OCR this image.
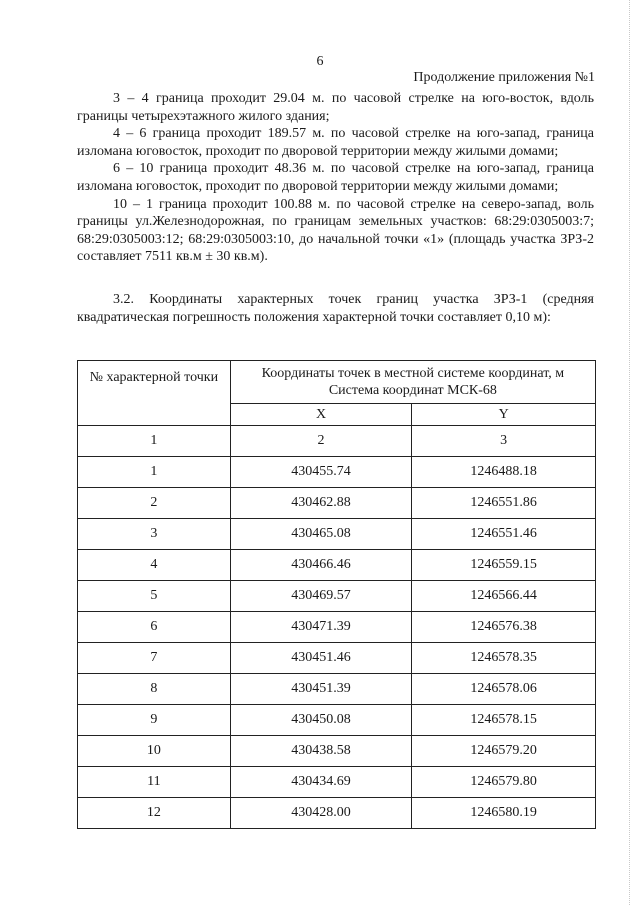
6
Продолжение приложения №1

3 – 4 граница проходит 29.04 м. по часовой стрелке на юго-восток, вдоль границы четырехэтажного жилого здания;

4 – 6 граница проходит 189.57 м. по часовой стрелке на юго-запад, граница изломана юговосток, проходит по дворовой территории между жилыми домами;

6 – 10 граница проходит 48.36 м. по часовой стрелке на юго-запад, граница изломана юговосток, проходит по дворовой территории между жилыми домами;

10 – 1 граница проходит 100.88 м. по часовой стрелке на северо-запад, воль границы ул.Железнодорожная, по границам земельных участков: 68:29:0305003:7; 68:29:0305003:12; 68:29:0305003:10, до начальной точки «1» (площадь участка ЗРЗ-2 составляет 7511 кв.м ± 30 кв.м).

3.2. Координаты характерных точек границ участка ЗРЗ-1 (средняя квадратическая погрешность положения характерной точки составляет 0,10 м):

№ характерной точки	Координаты точек в местной системе координат, м
Система координат МСК-68	

	X	Y
1	2	3
1	430455.74	1246488.18
2	430462.88	1246551.86
3	430465.08	1246551.46
4	430466.46	1246559.15
5	430469.57	1246566.44
6	430471.39	1246576.38
7	430451.46	1246578.35
8	430451.39	1246578.06
9	430450.08	1246578.15
10	430438.58	1246579.20
11	430434.69	1246579.80
12	430428.00	1246580.19
